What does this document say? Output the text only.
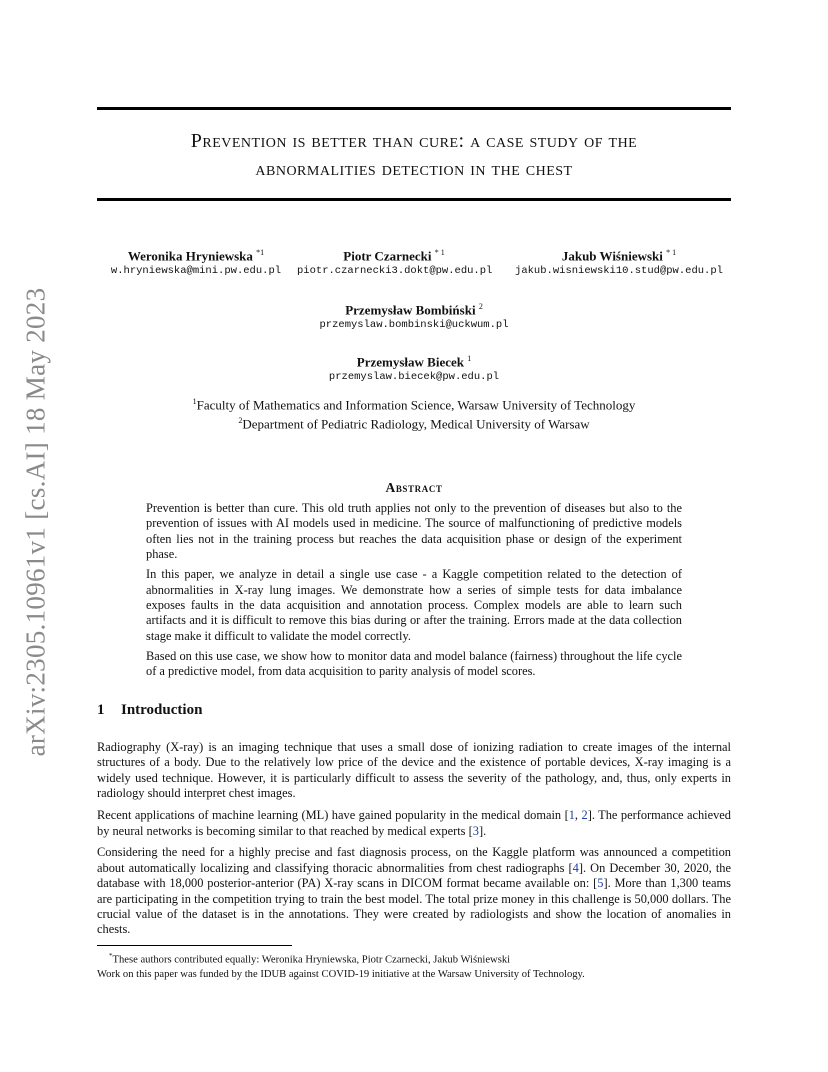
arXiv:2305.10961v1 [cs.AI] 18 May 2023
Prevention is better than cure: a case study of the
abnormalities detection in the chest
Weronika Hryniewska $^{*1}$
w.hryniewska@mini.pw.edu.pl
Piotr Czarnecki $^{* 1}$
piotr.czarnecki3.dokt@pw.edu.pl
Jakub Wiśniewski $^{* 1}$
jakub.wisniewski10.stud@pw.edu.pl
Przemysław Bombiński $^2$
przemyslaw.bombinski@uckwum.pl
Przemysław Biecek $^1$
przemyslaw.biecek@pw.edu.pl
$^1$Faculty of Mathematics and Information Science, Warsaw University of Technology
$^2$Department of Pediatric Radiology, Medical University of Warsaw
Abstract

Prevention is better than cure. This old truth applies not only to the prevention of diseases but also to the prevention of issues with AI models used in medicine. The source of malfunctioning of predictive models often lies not in the training process but reaches the data acquisition phase or design of the experiment phase.

In this paper, we analyze in detail a single use case - a Kaggle competition related to the detection of abnormalities in X-ray lung images. We demonstrate how a series of simple tests for data imbalance exposes faults in the data acquisition and annotation process. Complex models are able to learn such artifacts and it is difficult to remove this bias during or after the training. Errors made at the data collection stage make it difficult to validate the model correctly.

Based on this use case, we show how to monitor data and model balance (fairness) throughout the life cycle of a predictive model, from data acquisition to parity analysis of model scores.

1 Introduction

Radiography (X-ray) is an imaging technique that uses a small dose of ionizing radiation to create images of the internal structures of a body. Due to the relatively low price of the device and the existence of portable devices, X-ray imaging is a widely used technique. However, it is particularly difficult to assess the severity of the pathology, and, thus, only experts in radiology should interpret chest images.

Recent applications of machine learning (ML) have gained popularity in the medical domain [1, 2]. The performance achieved by neural networks is becoming similar to that reached by medical experts [3].

Considering the need for a highly precise and fast diagnosis process, on the Kaggle platform was announced a competition about automatically localizing and classifying thoracic abnormalities from chest radiographs [4]. On December 30, 2020, the database with 18,000 posterior-anterior (PA) X-ray scans in DICOM format became available on: [5]. More than 1,300 teams are participating in the competition trying to train the best model. The total prize money in this challenge is 50,000 dollars. The crucial value of the dataset is in the annotations. They were created by radiologists and show the location of anomalies in chests.

*These authors contributed equally: Weronika Hryniewska, Piotr Czarnecki, Jakub Wiśniewski
Work on this paper was funded by the IDUB against COVID-19 initiative at the Warsaw University of Technology.
